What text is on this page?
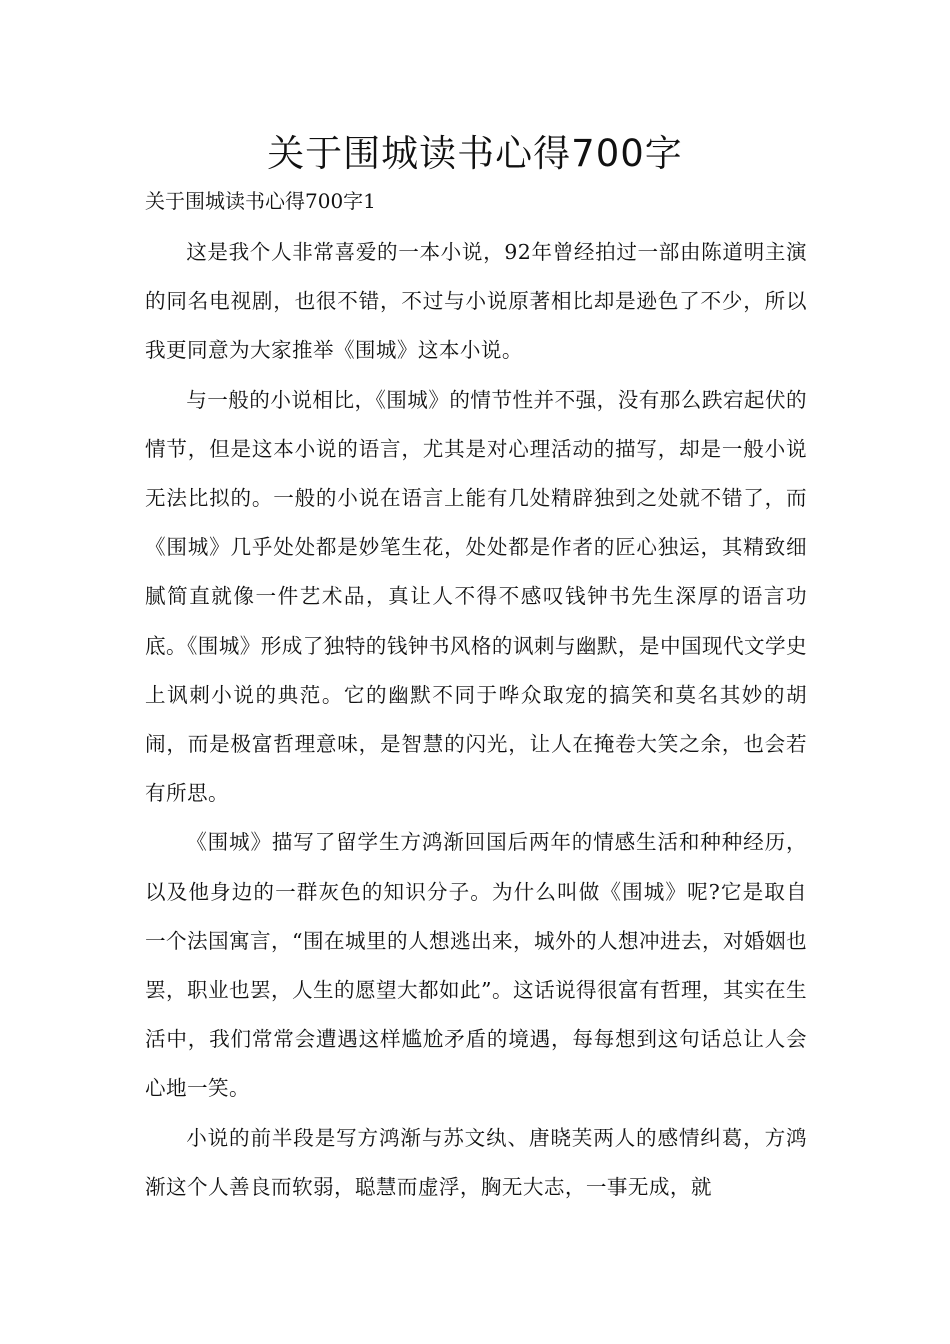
关于围城读书心得700字

关于围城读书心得700字1

这是我个人非常喜爱的一本小说，92年曾经拍过一部由陈道明主演的同名电视剧，也很不错，不过与小说原著相比却是逊色了不少，所以我更同意为大家推举《围城》这本小说。

与一般的小说相比，《围城》的情节性并不强，没有那么跌宕起伏的情节，但是这本小说的语言，尤其是对心理活动的描写，却是一般小说无法比拟的。一般的小说在语言上能有几处精辟独到之处就不错了，而《围城》几乎处处都是妙笔生花，处处都是作者的匠心独运，其精致细腻简直就像一件艺术品，真让人不得不感叹钱钟书先生深厚的语言功底。《围城》形成了独特的钱钟书风格的讽刺与幽默，是中国现代文学史上讽刺小说的典范。它的幽默不同于哗众取宠的搞笑和莫名其妙的胡闹，而是极富哲理意味，是智慧的闪光，让人在掩卷大笑之余，也会若有所思。

《围城》描写了留学生方鸿渐回国后两年的情感生活和种种经历，以及他身边的一群灰色的知识分子。为什么叫做《围城》呢?它是取自一个法国寓言，“围在城里的人想逃出来，城外的人想冲进去，对婚姻也罢，职业也罢，人生的愿望大都如此”。这话说得很富有哲理，其实在生活中，我们常常会遭遇这样尴尬矛盾的境遇，每每想到这句话总让人会心地一笑。

小说的前半段是写方鸿渐与苏文纨、唐晓芙两人的感情纠葛，方鸿渐这个人善良而软弱，聪慧而虚浮，胸无大志，一事无成，就
